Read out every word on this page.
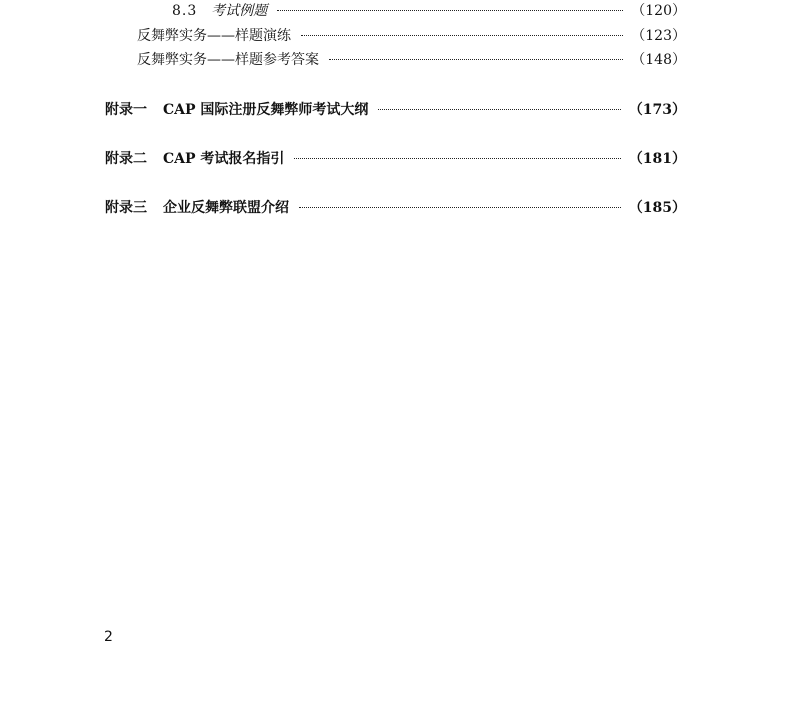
8.3 考试例题	（120）
反舞弊实务——样题演练	（123）
反舞弊实务——样题参考答案	（148）
附录一 CAP 国际注册反舞弊师考试大纲	（173）
附录二 CAP 考试报名指引	（181）
附录三 企业反舞弊联盟介绍	（185）
2
